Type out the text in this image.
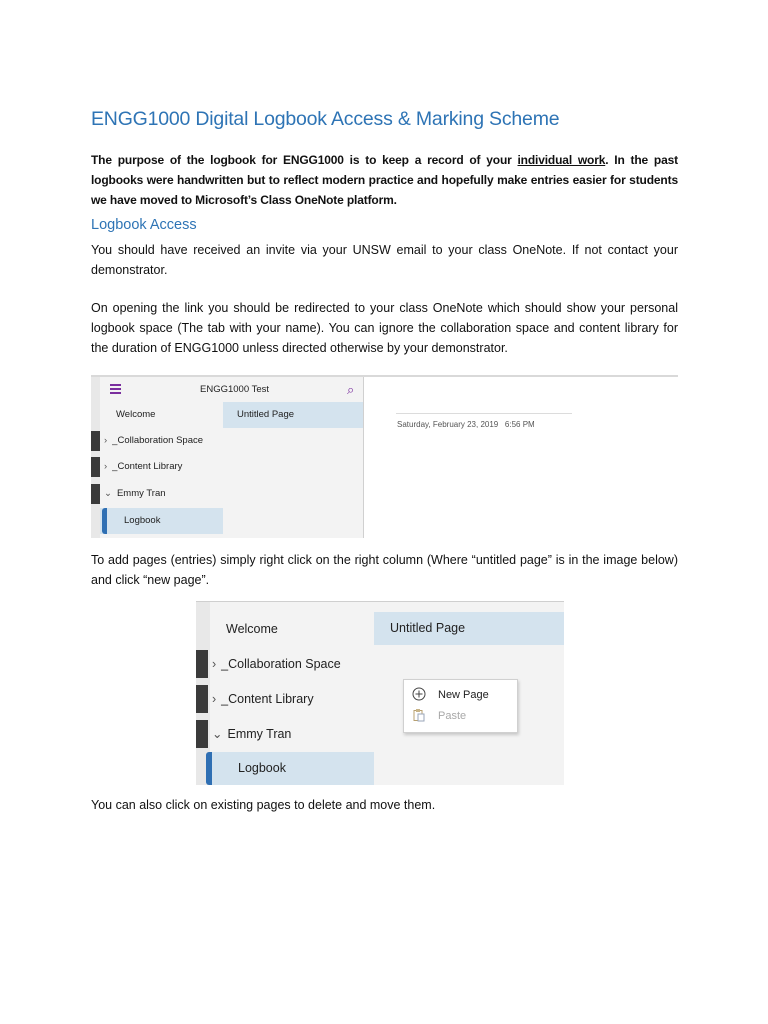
ENGG1000 Digital Logbook Access & Marking Scheme

The purpose of the logbook for ENGG1000 is to keep a record of your individual work. In the past logbooks were handwritten but to reflect modern practice and hopefully make entries easier for students we have moved to Microsoft’s Class OneNote platform.

Logbook Access

You should have received an invite via your UNSW email to your class OneNote. If not contact your demonstrator.

On opening the link you should be redirected to your class OneNote which should show your personal logbook space (The tab with your name). You can ignore the collaboration space and content library for the duration of ENGG1000 unless directed otherwise by your demonstrator.

ENGG1000 Test	⌕
Welcome
› _Collaboration Space
› _Content Library
⌄ Emmy Tran
Logbook
Untitled Page
Saturday, February 23, 2019 6:56 PM

To add pages (entries) simply right click on the right column (Where “untitled page” is in the image below) and click “new page”.

Welcome
› _Collaboration Space
› _Content Library
⌄ Emmy Tran
Logbook
Untitled Page
New Page
Paste

You can also click on existing pages to delete and move them.
